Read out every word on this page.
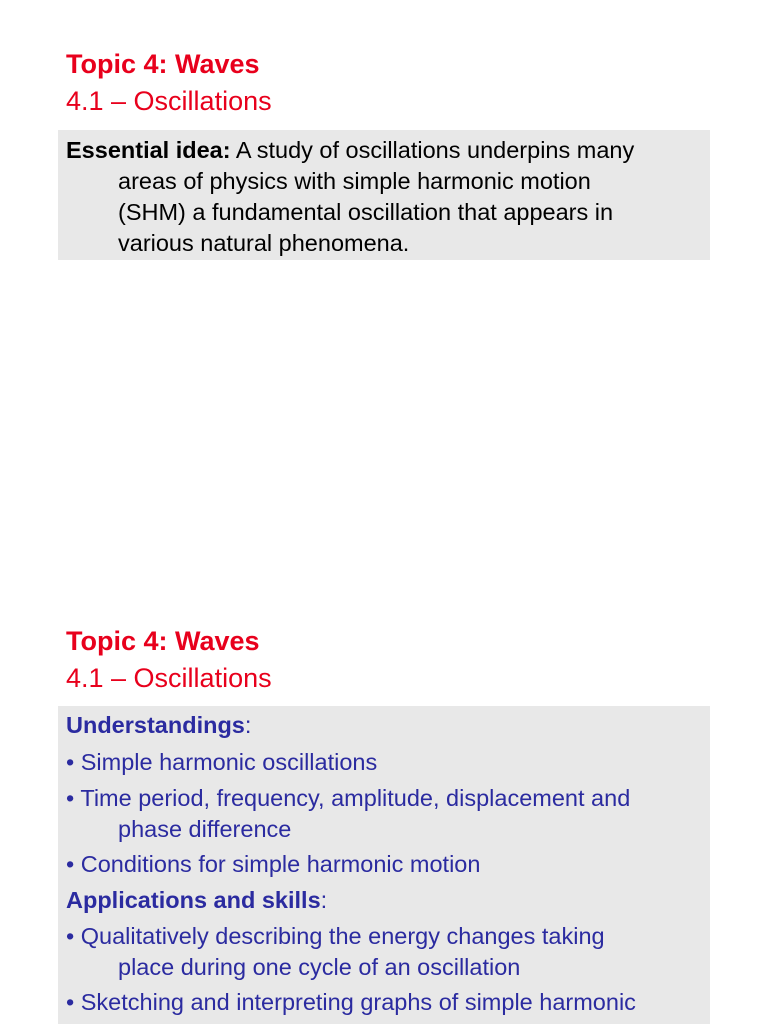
Topic 4: Waves
4.1 – Oscillations
Essential idea: A study of oscillations underpins many
areas of physics with simple harmonic motion
(SHM) a fundamental oscillation that appears in
various natural phenomena.
Topic 4: Waves
4.1 – Oscillations
Understandings:
• Simple harmonic oscillations
• Time period, frequency, amplitude, displacement and
phase difference
• Conditions for simple harmonic motion
Applications and skills:
• Qualitatively describing the energy changes taking
place during one cycle of an oscillation
• Sketching and interpreting graphs of simple harmonic
